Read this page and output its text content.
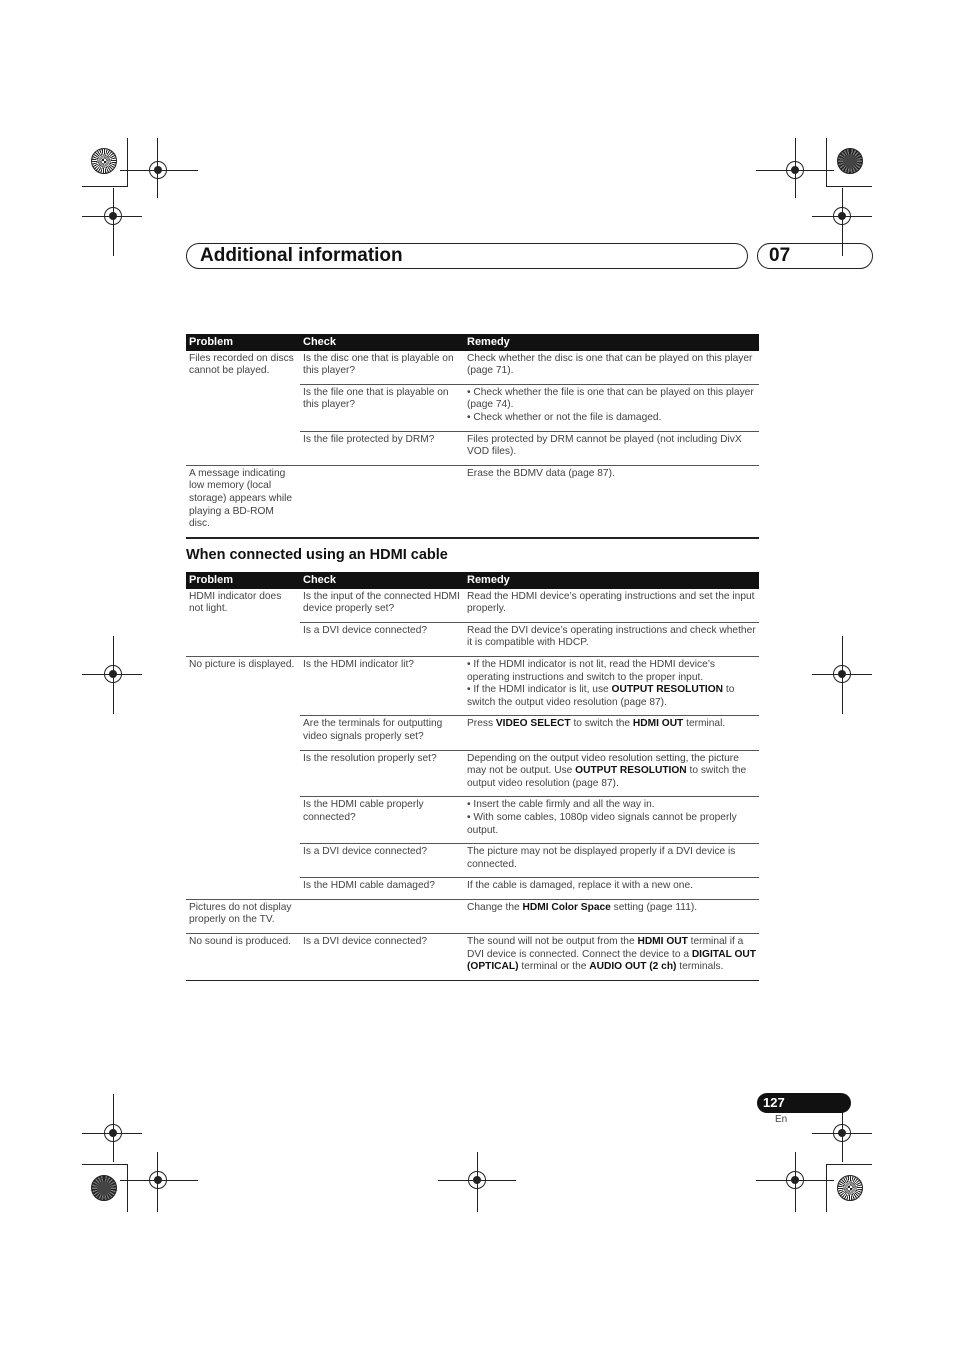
Additional information	07
Problem	Check	Remedy
Files recorded on discs cannot be played.	Is the disc one that is playable on this player?	Check whether the disc is one that can be played on this player (page 71).
	Is the file one that is playable on this player?	• Check whether the file is one that can be played on this player (page 74).
• Check whether or not the file is damaged.

	Is the file protected by DRM?	Files protected by DRM cannot be played (not including DivX VOD files).
A message indicating low memory (local storage) appears while playing a BD-ROM disc.		Erase the BDMV data (page 87).
When connected using an HDMI cable
Problem	Check	Remedy
HDMI indicator does not light.	Is the input of the connected HDMI device properly set?	Read the HDMI device’s operating instructions and set the input properly.
	Is a DVI device connected?	Read the DVI device’s operating instructions and check whether it is compatible with HDCP.
No picture is displayed.	Is the HDMI indicator lit?	• If the HDMI indicator is not lit, read the HDMI device’s operating instructions and switch to the proper input.
• If the HDMI indicator is lit, use OUTPUT RESOLUTION to switch the output video resolution (page 87).

	Are the terminals for outputting video signals properly set?	Press VIDEO SELECT to switch the HDMI OUT terminal.
	Is the resolution properly set?	Depending on the output video resolution setting, the picture may not be output. Use OUTPUT RESOLUTION to switch the output video resolution (page 87).
	Is the HDMI cable properly connected?	• Insert the cable firmly and all the way in.
• With some cables, 1080p video signals cannot be properly output.

	Is a DVI device connected?	The picture may not be displayed properly if a DVI device is connected.
	Is the HDMI cable damaged?	If the cable is damaged, replace it with a new one.
Pictures do not display properly on the TV.		Change the HDMI Color Space setting (page 111).
No sound is produced.	Is a DVI device connected?	The sound will not be output from the HDMI OUT terminal if a DVI device is connected. Connect the device to a DIGITAL OUT (OPTICAL) terminal or the AUDIO OUT (2 ch) terminals.
127
En
